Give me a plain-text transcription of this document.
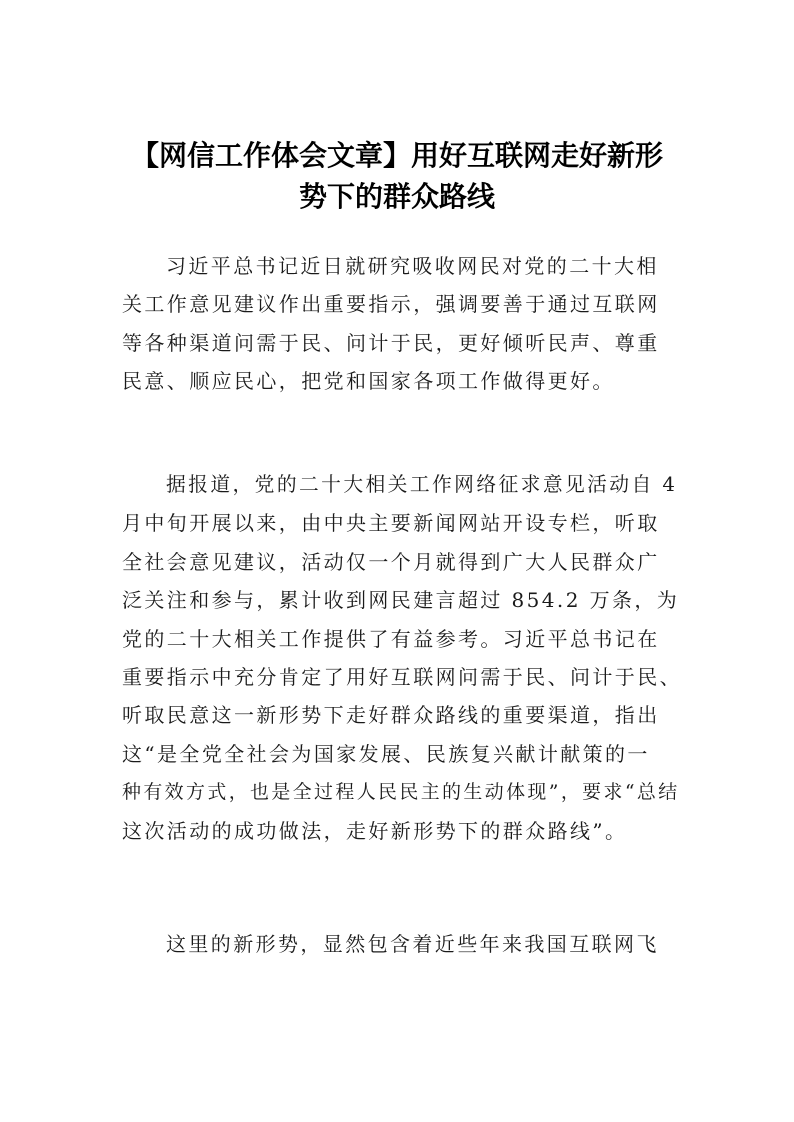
【网信工作体会文章】用好互联网走好新形
势下的群众路线

习近平总书记近日就研究吸收网民对党的二十大相
关工作意见建议作出重要指示，强调要善于通过互联网
等各种渠道问需于民、问计于民，更好倾听民声、尊重
民意、顺应民心，把党和国家各项工作做得更好。

据报道，党的二十大相关工作网络征求意见活动自 4
月中旬开展以来，由中央主要新闻网站开设专栏，听取
全社会意见建议，活动仅一个月就得到广大人民群众广
泛关注和参与，累计收到网民建言超过 854.2 万条，为
党的二十大相关工作提供了有益参考。习近平总书记在
重要指示中充分肯定了用好互联网问需于民、问计于民、
听取民意这一新形势下走好群众路线的重要渠道，指出
这“是全党全社会为国家发展、民族复兴献计献策的一
种有效方式，也是全过程人民民主的生动体现”，要求“总结
这次活动的成功做法，走好新形势下的群众路线”。

这里的新形势，显然包含着近些年来我国互联网飞
